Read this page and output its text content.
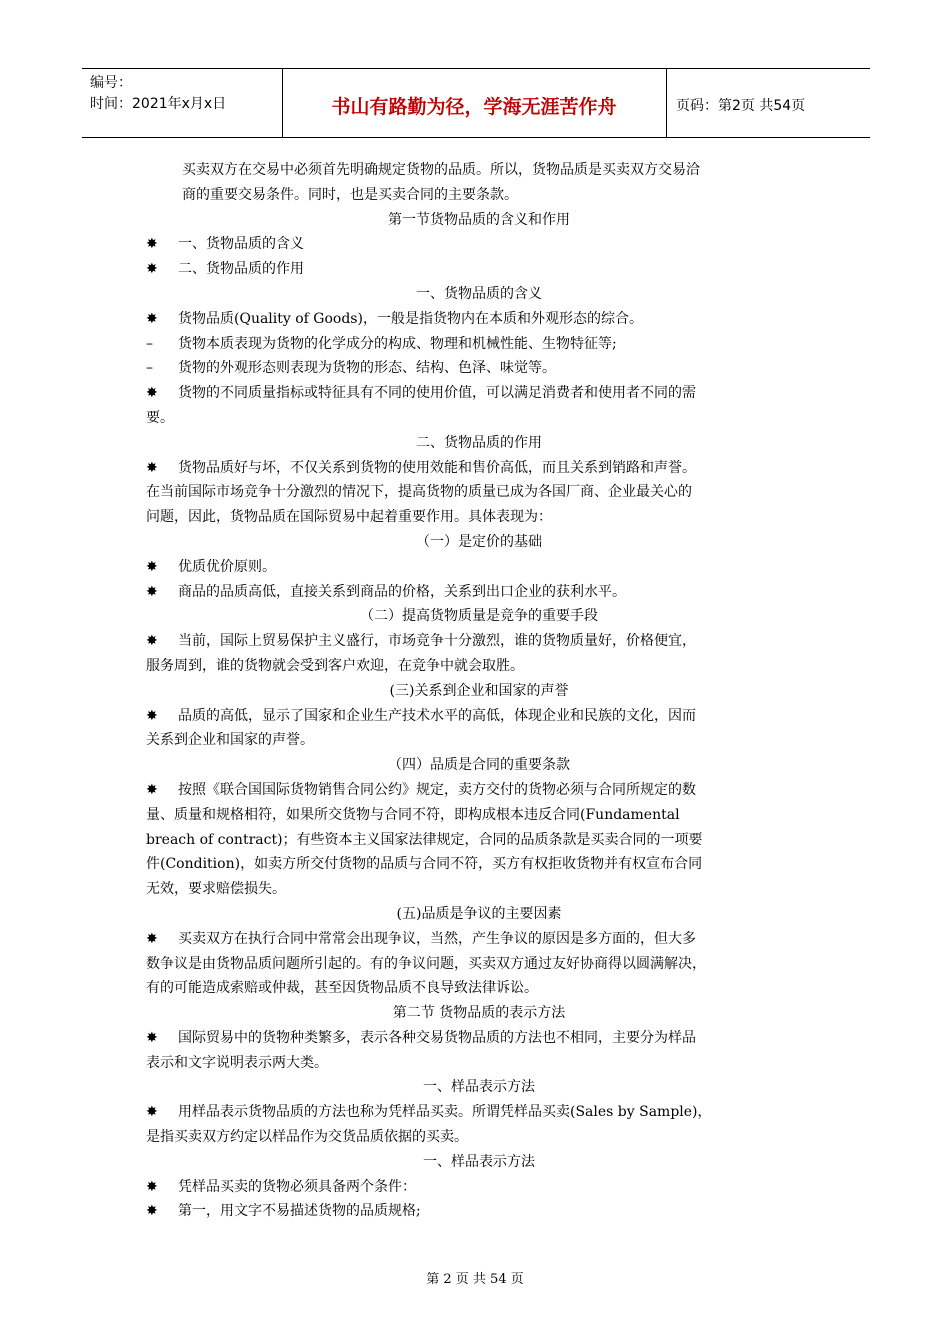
编号：
时间：2021年x月x日	书山有路勤为径，学海无涯苦作舟	页码：第2页 共54页

买卖双方在交易中必须首先明确规定货物的品质。所以，货物品质是买卖双方交易洽

商的重要交易条件。同时，也是买卖合同的主要条款。

第一节货物品质的含义和作用

✸ 一、货物品质的含义

✸ 二、货物品质的作用

一、货物品质的含义

✸ 货物品质(Quality of Goods)，一般是指货物内在本质和外观形态的综合。

– 货物本质表现为货物的化学成分的构成、物理和机械性能、生物特征等;

– 货物的外观形态则表现为货物的形态、结构、色泽、味觉等。

✸ 货物的不同质量指标或特征具有不同的使用价值，可以满足消费者和使用者不同的需

要。

二、货物品质的作用

✸ 货物品质好与坏，不仅关系到货物的使用效能和售价高低，而且关系到销路和声誉。

在当前国际市场竞争十分激烈的情况下，提高货物的质量已成为各国厂商、企业最关心的

问题，因此，货物品质在国际贸易中起着重要作用。具体表现为：

（一）是定价的基础

✸ 优质优价原则。

✸ 商品的品质高低，直接关系到商品的价格，关系到出口企业的获利水平。

（二）提高货物质量是竞争的重要手段

✸ 当前，国际上贸易保护主义盛行，市场竞争十分激烈，谁的货物质量好，价格便宜，

服务周到，谁的货物就会受到客户欢迎，在竞争中就会取胜。

(三)关系到企业和国家的声誉

✸ 品质的高低，显示了国家和企业生产技术水平的高低，体现企业和民族的文化，因而

关系到企业和国家的声誉。

（四）品质是合同的重要条款

✸ 按照《联合国国际货物销售合同公约》规定，卖方交付的货物必须与合同所规定的数

量、质量和规格相符，如果所交货物与合同不符，即构成根本违反合同(Fundamental

breach of contract)；有些资本主义国家法律规定，合同的品质条款是买卖合同的一项要

件(Condition)，如卖方所交付货物的品质与合同不符，买方有权拒收货物并有权宣布合同

无效，要求赔偿损失。

(五)品质是争议的主要因素

✸ 买卖双方在执行合同中常常会出现争议，当然，产生争议的原因是多方面的，但大多

数争议是由货物品质问题所引起的。有的争议问题，买卖双方通过友好协商得以圆满解决，

有的可能造成索赔或仲裁，甚至因货物品质不良导致法律诉讼。

第二节 货物品质的表示方法

✸ 国际贸易中的货物种类繁多，表示各种交易货物品质的方法也不相同，主要分为样品

表示和文字说明表示两大类。

一、样品表示方法

✸ 用样品表示货物品质的方法也称为凭样品买卖。所谓凭样品买卖(Sales by Sample)，

是指买卖双方约定以样品作为交货品质依据的买卖。

一、样品表示方法

✸ 凭样品买卖的货物必须具备两个条件：

✸ 第一，用文字不易描述货物的品质规格;

第 2 页 共 54 页
